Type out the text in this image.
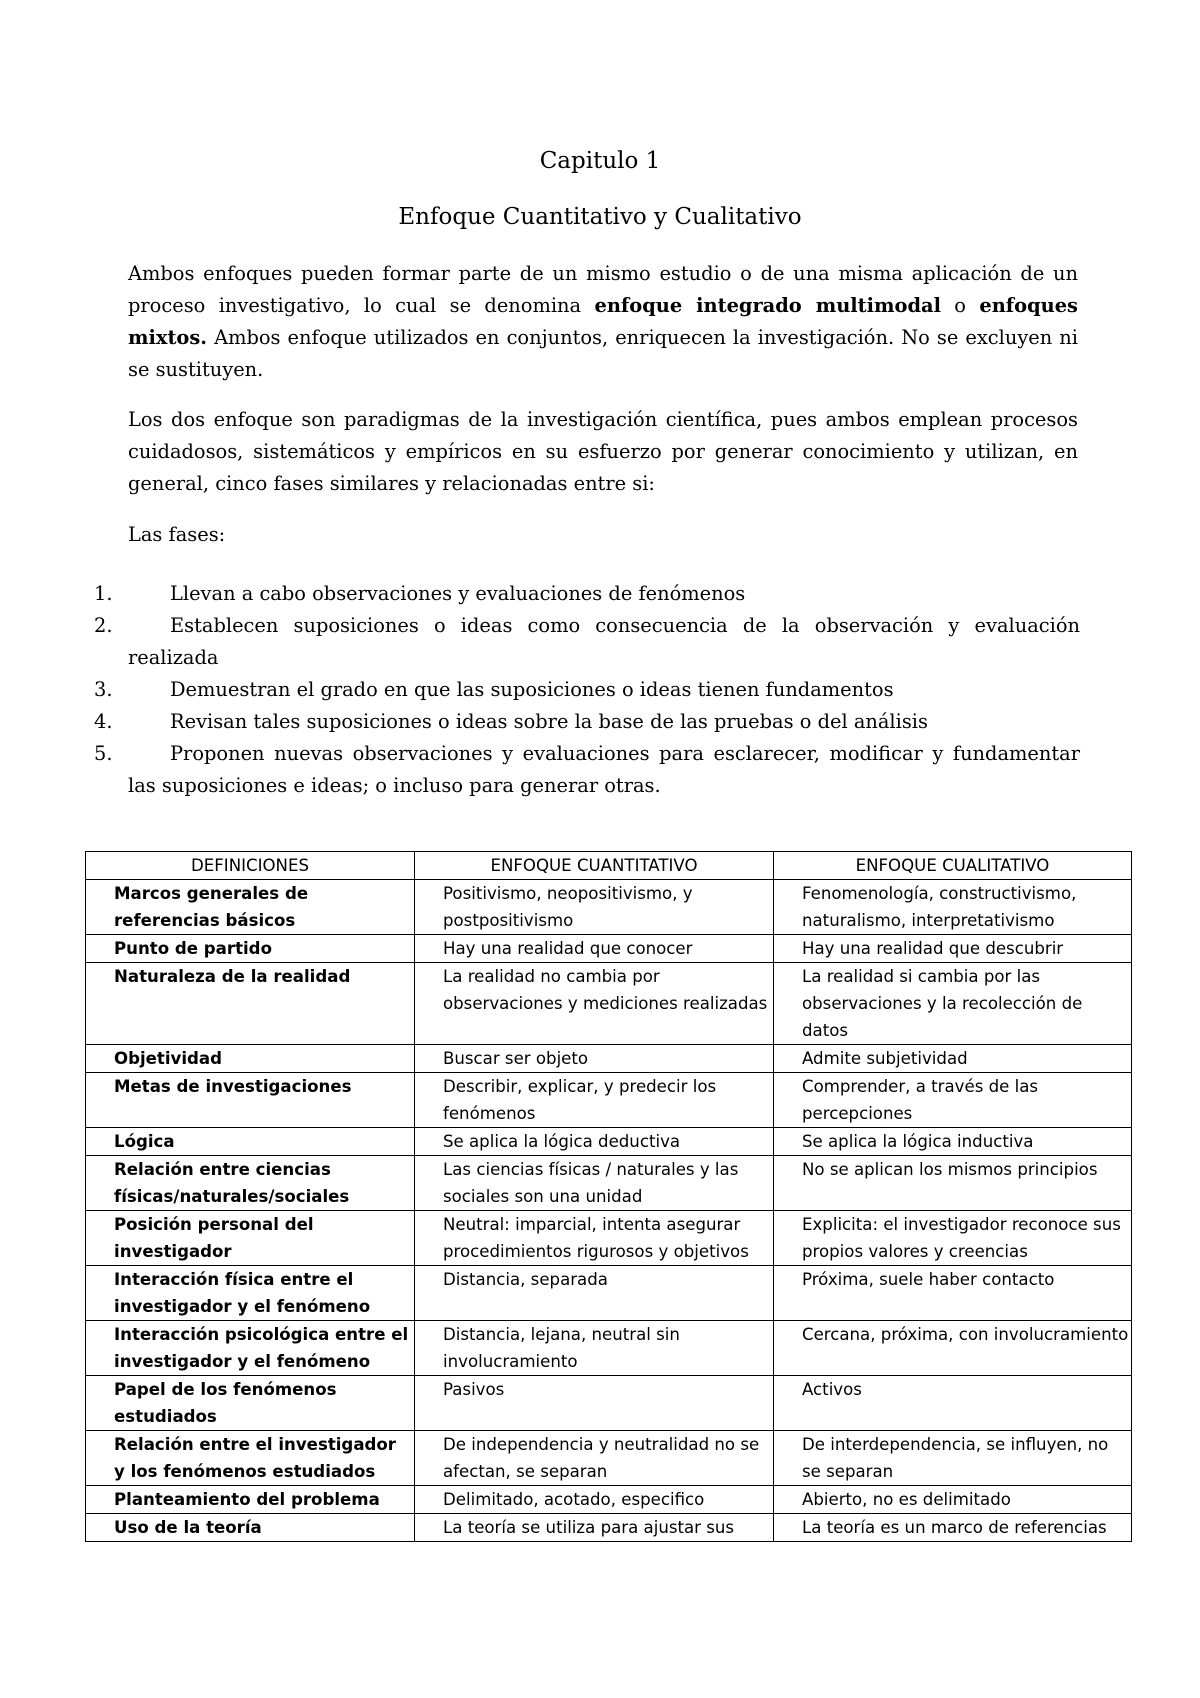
Capitulo 1
Enfoque Cuantitativo y Cualitativo

Ambos enfoques pueden formar parte de un mismo estudio o de una misma aplicación de un proceso investigativo, lo cual se denomina enfoque integrado multimodal o enfoques mixtos. Ambos enfoque utilizados en conjuntos, enriquecen la investigación. No se excluyen ni se sustituyen.

Los dos enfoque son paradigmas de la investigación científica, pues ambos emplean procesos cuidadosos, sistemáticos y empíricos en su esfuerzo por generar conocimiento y utilizan, en general, cinco fases similares y relacionadas entre si:

Las fases:

1.	Llevan a cabo observaciones y evaluaciones de fenómenos
2.	Establecen suposiciones o ideas como consecuencia de la observación y evaluación realizada
3.	Demuestran el grado en que las suposiciones o ideas tienen fundamentos
4.	Revisan tales suposiciones o ideas sobre la base de las pruebas o del análisis
5.	Proponen nuevas observaciones y evaluaciones para esclarecer, modificar y fundamentar las suposiciones e ideas; o incluso para generar otras.
DEFINICIONES	ENFOQUE CUANTITATIVO	ENFOQUE CUALITATIVO
Marcos generales de referencias básicos	Positivismo, neopositivismo, y postpositivismo	Fenomenología, constructivismo, naturalismo, interpretativismo
Punto de partido	Hay una realidad que conocer	Hay una realidad que descubrir
Naturaleza de la realidad	La realidad no cambia por observaciones y mediciones realizadas	La realidad si cambia por las observaciones y la recolección de datos
Objetividad	Buscar ser objeto	Admite subjetividad
Metas de investigaciones	Describir, explicar, y predecir los fenómenos	Comprender, a través de las percepciones
Lógica	Se aplica la lógica deductiva	Se aplica la lógica inductiva
Relación entre ciencias físicas/naturales/sociales	Las ciencias físicas / naturales y las sociales son una unidad	No se aplican los mismos principios
Posición personal del investigador	Neutral: imparcial, intenta asegurar procedimientos rigurosos y objetivos	Explicita: el investigador reconoce sus propios valores y creencias
Interacción física entre el investigador y el fenómeno	Distancia, separada	Próxima, suele haber contacto
Interacción psicológica entre el investigador y el fenómeno	Distancia, lejana, neutral sin involucramiento	Cercana, próxima, con involucramiento
Papel de los fenómenos estudiados	Pasivos	Activos
Relación entre el investigador y los fenómenos estudiados	De independencia y neutralidad no se afectan, se separan	De interdependencia, se influyen, no se separan
Planteamiento del problema	Delimitado, acotado, especifico	Abierto, no es delimitado
Uso de la teoría	La teoría se utiliza para ajustar sus	La teoría es un marco de referencias
